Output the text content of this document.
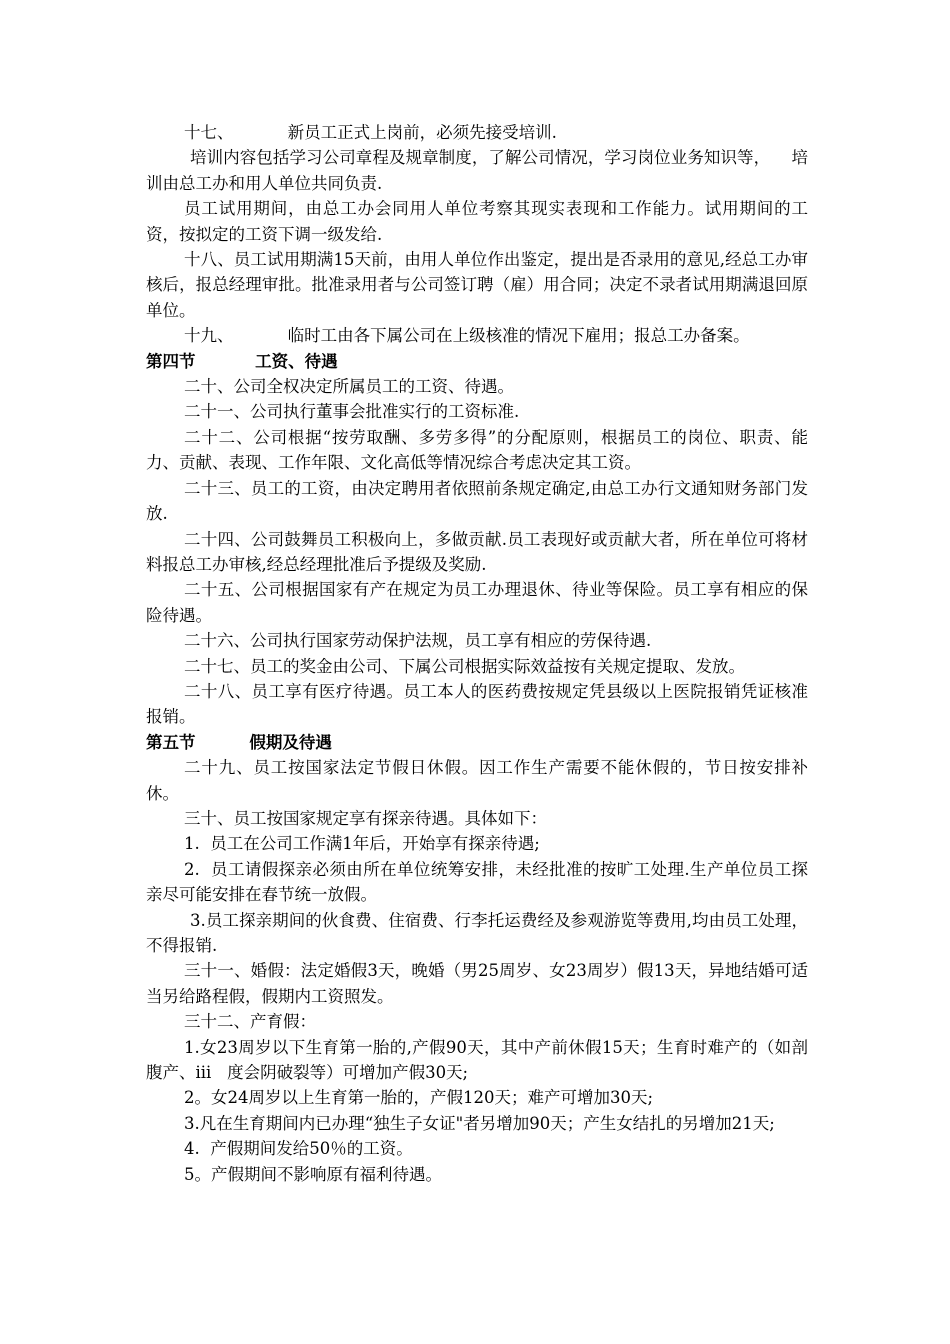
十七、	新员工正式上岗前，必须先接受培训.

培训内容包括学习公司章程及规章制度，了解公司情况，学习岗位业务知识等，    培训由总工办和用人单位共同负责.

员工试用期间，由总工办会同用人单位考察其现实表现和工作能力。试用期间的工资，按拟定的工资下调一级发给.

十八、员工试用期满15天前，由用人单位作出鉴定，提出是否录用的意见,经总工办审核后，报总经理审批。批准录用者与公司签订聘（雇）用合同；决定不录者试用期满退回原单位。

十九、	临时工由各下属公司在上级核准的情况下雇用；报总工办备案。

第四节	工资、待遇

二十、公司全权决定所属员工的工资、待遇。

二十一、公司执行董事会批准实行的工资标准.

二十二、公司根据“按劳取酬、多劳多得”的分配原则，根据员工的岗位、职责、能力、贡献、表现、工作年限、文化高低等情况综合考虑决定其工资。

二十三、员工的工资，由决定聘用者依照前条规定确定,由总工办行文通知财务部门发放.

二十四、公司鼓舞员工积极向上，多做贡献.员工表现好或贡献大者，所在单位可将材料报总工办审核,经总经理批准后予提级及奖励.

二十五、公司根据国家有产在规定为员工办理退休、待业等保险。员工享有相应的保险待遇。

二十六、公司执行国家劳动保护法规，员工享有相应的劳保待遇.

二十七、员工的奖金由公司、下属公司根据实际效益按有关规定提取、发放。

二十八、员工享有医疗待遇。员工本人的医药费按规定凭县级以上医院报销凭证核准报销。

第五节	假期及待遇

二十九、员工按国家法定节假日休假。因工作生产需要不能休假的，节日按安排补休。

三十、员工按国家规定享有探亲待遇。具体如下：

1.  员工在公司工作满1年后，开始享有探亲待遇;

2.  员工请假探亲必须由所在单位统筹安排，未经批准的按旷工处理.生产单位员工探亲尽可能安排在春节统一放假。

3.员工探亲期间的伙食费、住宿费、行李托运费经及参观游览等费用,均由员工处理，不得报销.

三十一、婚假：法定婚假3天，晚婚（男25周岁、女23周岁）假13天，异地结婚可适当另给路程假，假期内工资照发。

三十二、产育假：

1.女23周岁以下生育第一胎的,产假90天，其中产前休假15天；生育时难产的（如剖腹产、iii   度会阴破裂等）可增加产假30天;

2。女24周岁以上生育第一胎的，产假120天；难产可增加30天;

3.凡在生育期间内已办理“独生子女证"者另增加90天；产生女结扎的另增加21天;

4.  产假期间发给50％的工资。

5。产假期间不影响原有福利待遇。
